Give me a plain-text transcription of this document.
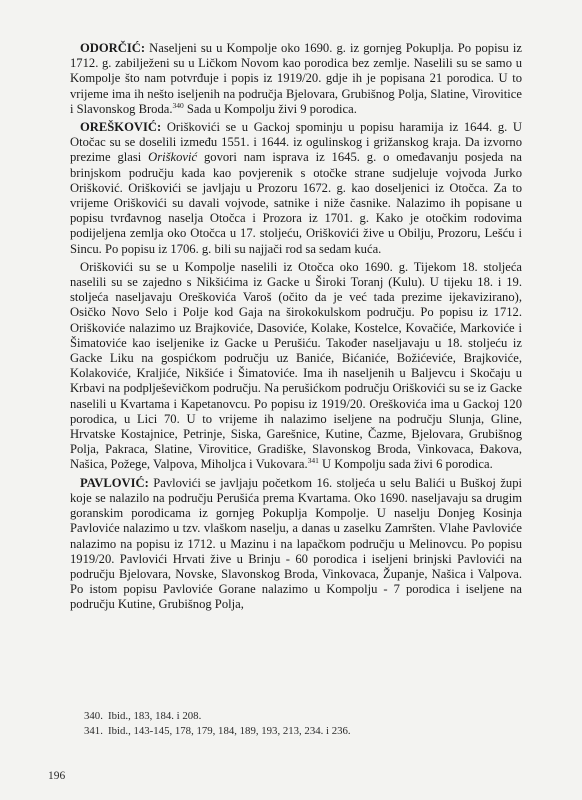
ODORČIĆ: Naseljeni su u Kompolje oko 1690. g. iz gornjeg Pokuplja. Po popisu iz 1712. g. zabilježeni su u Ličkom Novom kao porodica bez zemlje. Naselili su se samo u Kompolje što nam potvrđuje i popis iz 1919/20. gdje ih je popisana 21 porodica. U to vrijeme ima ih nešto iseljenih na područja Bjelovara, Grubišnog Polja, Slatine, Virovitice i Slavonskog Broda.$^{340}$ Sada u Kompolju živi 9 porodica.

OREŠKOVIĆ: Oriškovići se u Gackoj spominju u popisu haramija iz 1644. g. U Otočac su se doselili između 1551. i 1644. iz ogulinskog i grižanskog kraja. Da izvorno prezime glasi Orišković govori nam isprava iz 1645. g. o omeđavanju posjeda na brinjskom području kada kao povjerenik s otočke strane sudjeluje vojvoda Jurko Orišković. Oriškovići se javljaju u Prozoru 1672. g. kao doseljenici iz Otočca. Za to vrijeme Oriškovići su davali vojvode, satnike i niže časnike. Nalazimo ih popisane u popisu tvrđavnog naselja Otočca i Prozora iz 1701. g. Kako je otočkim rodovima podijeljena zemlja oko Otočca u 17. stoljeću, Oriškovići žive u Obilju, Prozoru, Lešću i Sincu. Po popisu iz 1706. g. bili su najjači rod sa sedam kuća.

Oriškovići su se u Kompolje naselili iz Otočca oko 1690. g. Tijekom 18. stoljeća naselili su se zajedno s Nikšićima iz Gacke u Široki Toranj (Kulu). U tijeku 18. i 19. stoljeća naseljavaju Oreškovića Varoš (očito da je već tada prezime ijekavizirano), Osičko Novo Selo i Polje kod Gaja na širokokulskom području. Po popisu iz 1712. Oriškoviće nalazimo uz Brajkoviće, Dasoviće, Kolake, Kostelce, Kovačiće, Markoviće i Šimatoviće kao iseljenike iz Gacke u Perušiću. Također naseljavaju u 18. stoljeću iz Gacke Liku na gospićkom području uz Baniće, Bićaniće, Božićeviće, Brajkoviće, Kolakoviće, Kraljiće, Nikšiće i Šimatoviće. Ima ih naseljenih u Baljevcu i Skočaju u Krbavi na podplješevičkom području. Na perušićkom području Oriškovići su se iz Gacke naselili u Kvartama i Kapetanovcu. Po popisu iz 1919/20. Oreškovića ima u Gackoj 120 porodica, u Lici 70. U to vrijeme ih nalazimo iseljene na području Slunja, Gline, Hrvatske Kostajnice, Petrinje, Siska, Garešnice, Kutine, Čazme, Bjelovara, Grubišnog Polja, Pakraca, Slatine, Virovitice, Gradiške, Slavonskog Broda, Vinkovaca, Đakova, Našica, Požege, Valpova, Miholjca i Vukovara.$^{341}$ U Kompolju sada živi 6 porodica.

PAVLOVIĆ: Pavlovići se javljaju početkom 16. stoljeća u selu Balići u Buškoj župi koje se nalazilo na području Perušića prema Kvartama. Oko 1690. naseljavaju sa drugim goranskim porodicama iz gornjeg Pokuplja Kompolje. U naselju Donjeg Kosinja Pavloviće nalazimo u tzv. vlaškom naselju, a danas u zaselku Zamršten. Vlahe Pavloviće nalazimo na popisu iz 1712. u Mazinu i na lapačkom području u Melinovcu. Po popisu 1919/20. Pavlovići Hrvati žive u Brinju - 60 porodica i iseljeni brinjski Pavlovići na području Bjelovara, Novske, Slavonskog Broda, Vinkovaca, Županje, Našica i Valpova. Po istom popisu Pavloviće Gorane nalazimo u Kompolju - 7 porodica i iseljene na području Kutine, Grubišnog Polja,

340. Ibid., 183, 184. i 208.
341. Ibid., 143-145, 178, 179, 184, 189, 193, 213, 234. i 236.
196
